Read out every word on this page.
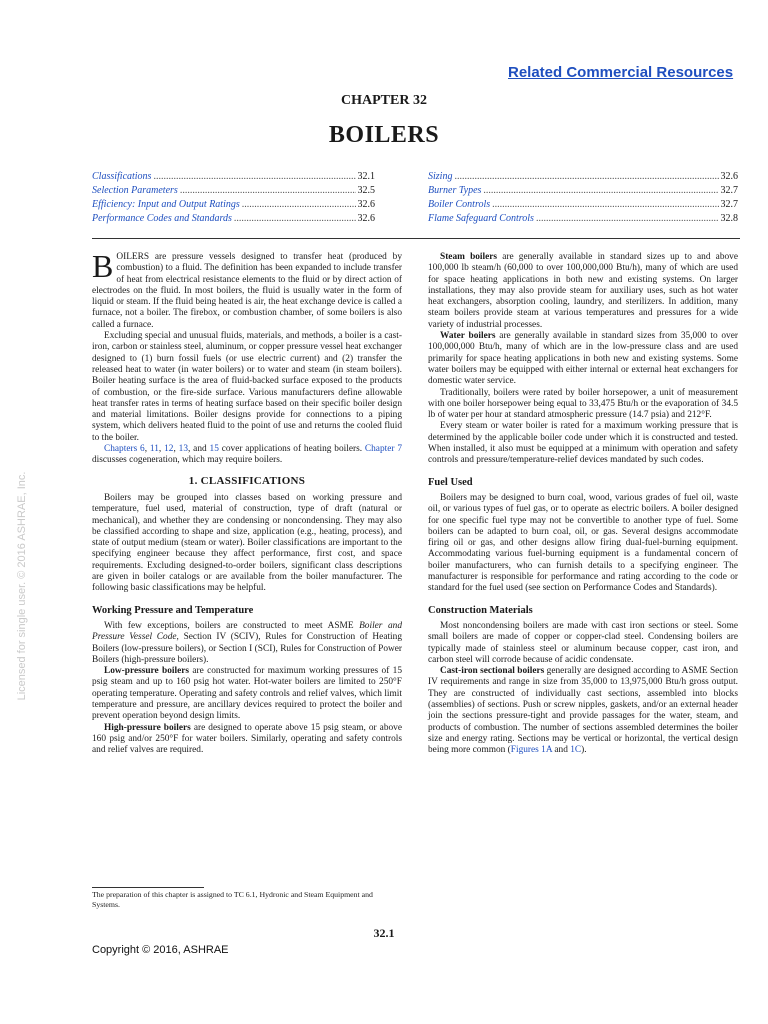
Related Commercial Resources
CHAPTER 32
BOILERS
Classifications .....	32.1
Selection Parameters .....	32.5
Efficiency: Input and Output Ratings .....	32.6
Performance Codes and Standards .....	32.6
Sizing .....	32.6
Burner Types .....	32.7
Boiler Controls .....	32.7
Flame Safeguard Controls .....	32.8

BOILERS are pressure vessels designed to transfer heat (produced by combustion) to a fluid. The definition has been expanded to include transfer of heat from electrical resistance elements to the fluid or by direct action of electrodes on the fluid. In most boilers, the fluid is usually water in the form of liquid or steam. If the fluid being heated is air, the heat exchange device is called a furnace, not a boiler. The firebox, or combustion chamber, of some boilers is also called a furnace.

Excluding special and unusual fluids, materials, and methods, a boiler is a cast-iron, carbon or stainless steel, aluminum, or copper pressure vessel heat exchanger designed to (1) burn fossil fuels (or use electric current) and (2) transfer the released heat to water (in water boilers) or to water and steam (in steam boilers). Boiler heating surface is the area of fluid-backed surface exposed to the products of combustion, or the fire-side surface. Various manufacturers define allowable heat transfer rates in terms of heating surface based on their specific boiler design and material limitations. Boiler designs provide for connections to a piping system, which delivers heated fluid to the point of use and returns the cooled fluid to the boiler.

Chapters 6, 11, 12, 13, and 15 cover applications of heating boilers. Chapter 7 discusses cogeneration, which may require boilers.

1. CLASSIFICATIONS

Boilers may be grouped into classes based on working pressure and temperature, fuel used, material of construction, type of draft (natural or mechanical), and whether they are condensing or noncondensing. They may also be classified according to shape and size, application (e.g., heating, process), and state of output medium (steam or water). Boiler classifications are important to the specifying engineer because they affect performance, first cost, and space requirements. Excluding designed-to-order boilers, significant class descriptions are given in boiler catalogs or are available from the boiler manufacturer. The following basic classifications may be helpful.

Working Pressure and Temperature

With few exceptions, boilers are constructed to meet ASME Boiler and Pressure Vessel Code, Section IV (SCIV), Rules for Construction of Heating Boilers (low-pressure boilers), or Section I (SCI), Rules for Construction of Power Boilers (high-pressure boilers).

Low-pressure boilers are constructed for maximum working pressures of 15 psig steam and up to 160 psig hot water. Hot-water boilers are limited to 250°F operating temperature. Operating and safety controls and relief valves, which limit temperature and pressure, are ancillary devices required to protect the boiler and prevent operation beyond design limits.

High-pressure boilers are designed to operate above 15 psig steam, or above 160 psig and/or 250°F for water boilers. Similarly, operating and safety controls and relief valves are required.

The preparation of this chapter is assigned to TC 6.1, Hydronic and Steam Equipment and Systems.

Steam boilers are generally available in standard sizes up to and above 100,000 lb steam/h (60,000 to over 100,000,000 Btu/h), many of which are used for space heating applications in both new and existing systems. On larger installations, they may also provide steam for auxiliary uses, such as hot water heat exchangers, absorption cooling, laundry, and sterilizers. In addition, many steam boilers provide steam at various temperatures and pressures for a wide variety of industrial processes.

Water boilers are generally available in standard sizes from 35,000 to over 100,000,000 Btu/h, many of which are in the low-pressure class and are used primarily for space heating applications in both new and existing systems. Some water boilers may be equipped with either internal or external heat exchangers for domestic water service.

Traditionally, boilers were rated by boiler horsepower, a unit of measurement with one boiler horsepower being equal to 33,475 Btu/h or the evaporation of 34.5 lb of water per hour at standard atmospheric pressure (14.7 psia) and 212°F.

Every steam or water boiler is rated for a maximum working pressure that is determined by the applicable boiler code under which it is constructed and tested. When installed, it also must be equipped at a minimum with operation and safety controls and pressure/temperature-relief devices mandated by such codes.

Fuel Used

Boilers may be designed to burn coal, wood, various grades of fuel oil, waste oil, or various types of fuel gas, or to operate as electric boilers. A boiler designed for one specific fuel type may not be convertible to another type of fuel. Some boilers can be adapted to burn coal, oil, or gas. Several designs accommodate firing oil or gas, and other designs allow firing dual-fuel-burning equipment. Accommodating various fuel-burning equipment is a fundamental concern of boiler manufacturers, who can furnish details to a specifying engineer. The manufacturer is responsible for performance and rating according to the code or standard for the fuel used (see section on Performance Codes and Standards).

Construction Materials

Most noncondensing boilers are made with cast iron sections or steel. Some small boilers are made of copper or copper-clad steel. Condensing boilers are typically made of stainless steel or aluminum because copper, cast iron, and carbon steel will corrode because of acidic condensate.

Cast-iron sectional boilers generally are designed according to ASME Section IV requirements and range in size from 35,000 to 13,975,000 Btu/h gross output. They are constructed of individually cast sections, assembled into blocks (assemblies) of sections. Push or screw nipples, gaskets, and/or an external header join the sections pressure-tight and provide passages for the water, steam, and products of combustion. The number of sections assembled determines the boiler size and energy rating. Sections may be vertical or horizontal, the vertical design being more common (Figures 1A and 1C).

32.1
Copyright © 2016, ASHRAE
Licensed for single user. © 2016 ASHRAE, Inc.
